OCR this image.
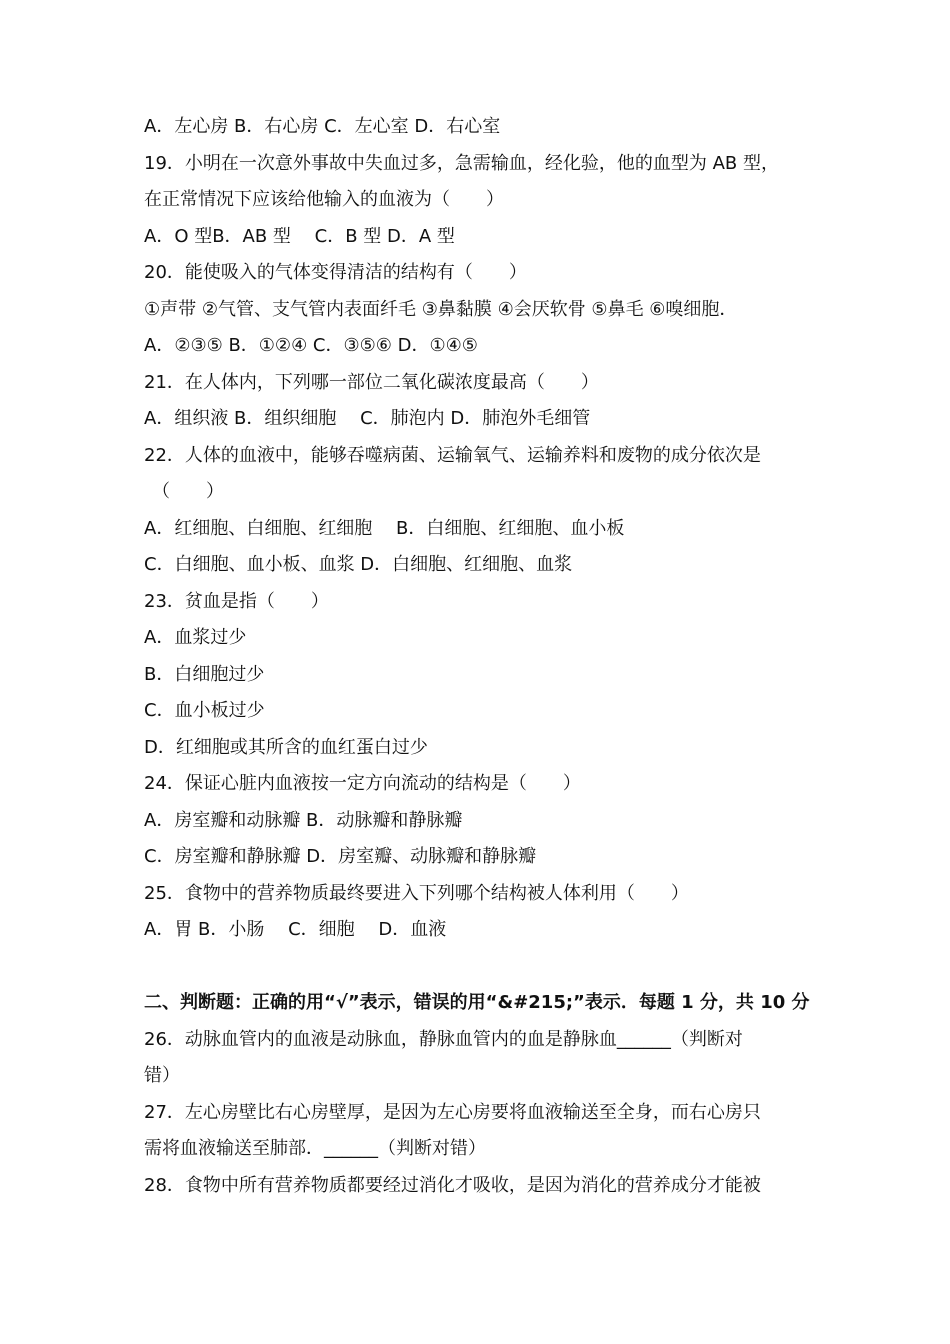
A．左心房 B．右心房 C．左心室 D．右心室
19．小明在一次意外事故中失血过多，急需输血，经化验，他的血型为 AB 型，
在正常情况下应该给他输入的血液为（　　）
A．O 型B．AB 型　 C．B 型 D．A 型
20．能使吸入的气体变得清洁的结构有（　　）
①声带 ②气管、支气管内表面纤毛 ③鼻黏膜 ④会厌软骨 ⑤鼻毛 ⑥嗅细胞．
A．②③⑤ B．①②④ C．③⑤⑥ D．①④⑤
21．在人体内，下列哪一部位二氧化碳浓度最高（　　）
A．组织液 B．组织细胞　 C．肺泡内 D．肺泡外毛细管
22．人体的血液中，能够吞噬病菌、运输氧气、运输养料和废物的成分依次是
（　　）
A．红细胞、白细胞、红细胞　 B．白细胞、红细胞、血小板
C．白细胞、血小板、血浆 D．白细胞、红细胞、血浆
23．贫血是指（　　）
A．血浆过少
B．白细胞过少
C．血小板过少
D．红细胞或其所含的血红蛋白过少
24．保证心脏内血液按一定方向流动的结构是（　　）
A．房室瓣和动脉瓣 B．动脉瓣和静脉瓣
C．房室瓣和静脉瓣 D．房室瓣、动脉瓣和静脉瓣
25．食物中的营养物质最终要进入下列哪个结构被人体利用（　　）
A．胃 B．小肠　 C．细胞　 D．血液
二、判断题：正确的用“√”表示，错误的用“&#215;”表示．每题 1 分，共 10 分
26．动脉血管内的血液是动脉血，静脉血管内的血是静脉血______（判断对
错）
27．左心房壁比右心房壁厚，是因为左心房要将血液输送至全身，而右心房只
需将血液输送至肺部．______（判断对错）
28．食物中所有营养物质都要经过消化才吸收，是因为消化的营养成分才能被
